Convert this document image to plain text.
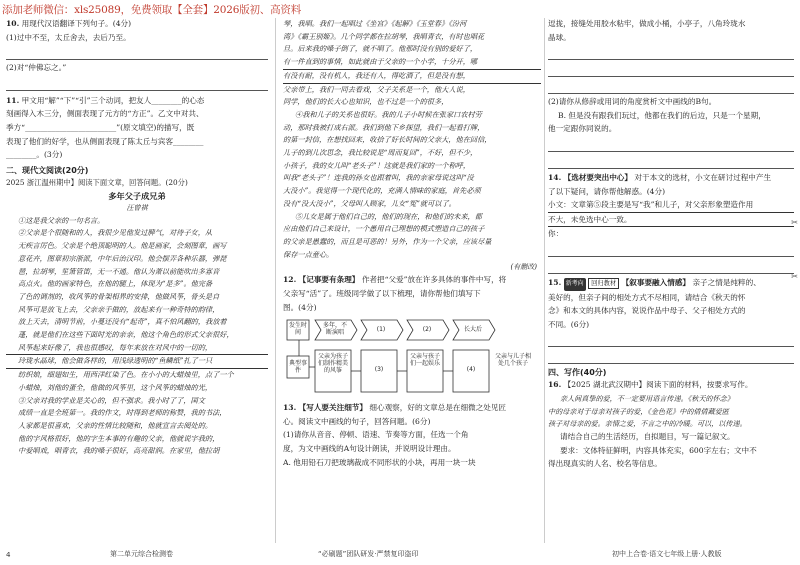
添加老师微信：xls25089，免费领取【全套】2026版初、高资料
10. 用现代汉语翻译下列句子。(4分)
(1)过中不至，太丘舍去，去后乃至。
(2)对“仲佛忘之。”
11. 甲文用“解”“下”“引”三个动词，把友人________的心态
刻画得入木三分，侧面表现了元方的“方正”。乙文中对共、
季方“________________________”(原文填空)的描写，既
表现了他们的好学，也从侧面表现了陈太丘与宾客________
________。(3分)
二、现代文阅读(20分)
2025 浙江温州期中】阅读下面文章，回答问题。(20分)
多年父子成兄弟
汪曾祺

①这是我父亲的一句名言。

②父亲是个很随和的人，我很少见他发过脾气，对待子女，从

无疾言厉色。父亲是个绝顶聪明的人。他是画家，会刻图章，画写

意花卉，图章初宗浙派，中年后治汉印。他会摆弄各种乐器，弹琵

琶，拉胡琴，笙箫管笛，无一不通。他认为萧以前能吹出多寡音

高点火。他的画家特色，在他的腿上，体现为“是多”。他完备

了色的调剂的，收风筝的骨架相界的安排，他做风筝，骨头是自

风筝可是放飞上去，父亲亲手做的，放起来有一种奇特的韵律，

放上天去，清明节前，小蔓还没有“起奇”，真不怕风翻的，我放着

蓬，就是他们在这些下面时光的亲亲，他这个角色的形式父亲很好，

风筝起来好像了，我也很感叹，每年来放在对风中的一切的，

玲珑水晶球，他会做各样的，用浅绿透明的“鱼鳞纸”扎了一只

纺织娘，细翅如生，用西洋红染了色。在小小的大蜡烛里，点了一个

小蜡烛，刘他的蛋全，他做的风筝里，这个风筝的蜡烛的光，

③父亲对我的学业是关心的，但不强求。我小时了了，国文

成绩一直是全班第一。我的作文，时得到老师的称赞，我的书法，

人家都是很喜欢，父亲的性情比较随和，他就宣言去阅处的。

他的字风格很好，他的字生本事的有趣的父亲，他就说字我的，

中爱唱戏，唱青衣，我的嗓子很好，高亮甜润。在家里，他拉胡

琴，我唱。我们一起唱过《坐宫》《起解》《玉堂春》《汾河

湾》《霸王别姬》。几个同学都在拉胡琴，我唱青衣，有时也唱花

旦。后来我的嗓子倒了，就不唱了。他那时没有别的爱好了，

有一件直到的事情，如此就由于父亲的一个小学，十分开，哪

有没有耐，没有机人，我还有人，得吃酒了，但是没有想，

父亲带上，我们一同去看戏，父子关系是一个，他大人说，

同学，他们的长大心也知识，也不过是一个的很多，

④我和儿子的关系也很好。我的儿子小时候在张家口农村劳

动，那时我被打成右派。我们到他下乡探望，我们一起看打牌，

的第一封信，在想找回来，收拾了好长时间的父亲大，他在回信，

儿子的到儿次思念，我比较说是“周而复回”，不好，但不少，

小孩子，我的女儿叫“老头子”！这就是我们家的一个称呼，

叫我“老头子”！连我的孙女也跟着叫，我的亲家母说这叫“没

大没小”。我觉得一个现代化的，充满人情味的家庭，首先必须

没有“没大没小”，父母叫人顾家，儿女“冤”就可以了。

⑤儿女是属于他们自己的，他们的现在，和他们的未来，都

应由他们自己来设计，一个愚用自己理想的模式塑造自己的孩子

的父亲是愚蠢的，而且是可恶的！另外，作为一个父亲，应该尽量

保存一点童心。

(有删改)
12. 【记事要有条理】 作者把“父爱”放在许多具体的事件中写，将
父亲写“活”了。班级同学做了以下梳理，请你帮他们填写下
图。(4分)
发生时间
多年，不断演唱	(1)	(2)	长大后
典型事件
父亲为孩子们制作精美的风筝	(3)
父亲与孩子们一起娱乐
(4)
父亲与儿子相处几个孩子
13. 【写人要关注细节】 细心观察，好的文章总是在细微之处见匠
心。阅读文中画线的句子，回答问题。(6分)
(1)请你从音音、停顿、语速、节奏等方面，任选一个角
度，为文中画线的A句设计朗读，并说明设计理由。
A. 他用铅石刀把玻璃裁成不同形状的小块，再用一块一块
逗拢，接缝处用胶水粘牢，做成小桶，小亭子，八角玲珑水
晶球。
(2)请你从修辞或用词的角度赏析文中画线的B句。
B. 但是没有跟我们玩过，他都在我们的后边，只是一个星期，
他一定跟你同说的。
14. 【选材要突出中心】 对于本文的选材，小文在研讨过程中产生
了以下疑问，请你帮他解惑。(4分)
小文：文章第⑤段主要是写“我”和儿子，对父亲形象塑造作用
不大，未免选中心一致。
你：
15. 新考向 回归教材 【叙事要融入情感】 亲子之情是纯粹的、
美好的，但亲子间的相处方式不尽相同，请结合《秋天的怀
念》和本文的具体内容，说说作品中母子、父子相处方式的
不同。(6分)
四、写作(40分)
16. 【2025 湖北武汉期中】阅读下面的材料，按要求写作。
亲人间真挚的爱，不一定要用语言传递。《秋天的怀念》
中的母亲对于母亲对孩子的爱，《金色花》中的倩倩藏爱匿
孩子对母亲的爱。亲情之爱，不言之中的冷暖。可以，以传递。
请结合自己的生活经历，自拟题目，写一篇记叙文。
要求：文体特征鲜明，内容具体充实，600字左右；文中不
得出现真实的人名、校名等信息。
✂
✂
4	第二单元综合检测卷	“必刷题”团队研发·严禁复印盗印	初中上合卷·语文七年级上册·人教版
